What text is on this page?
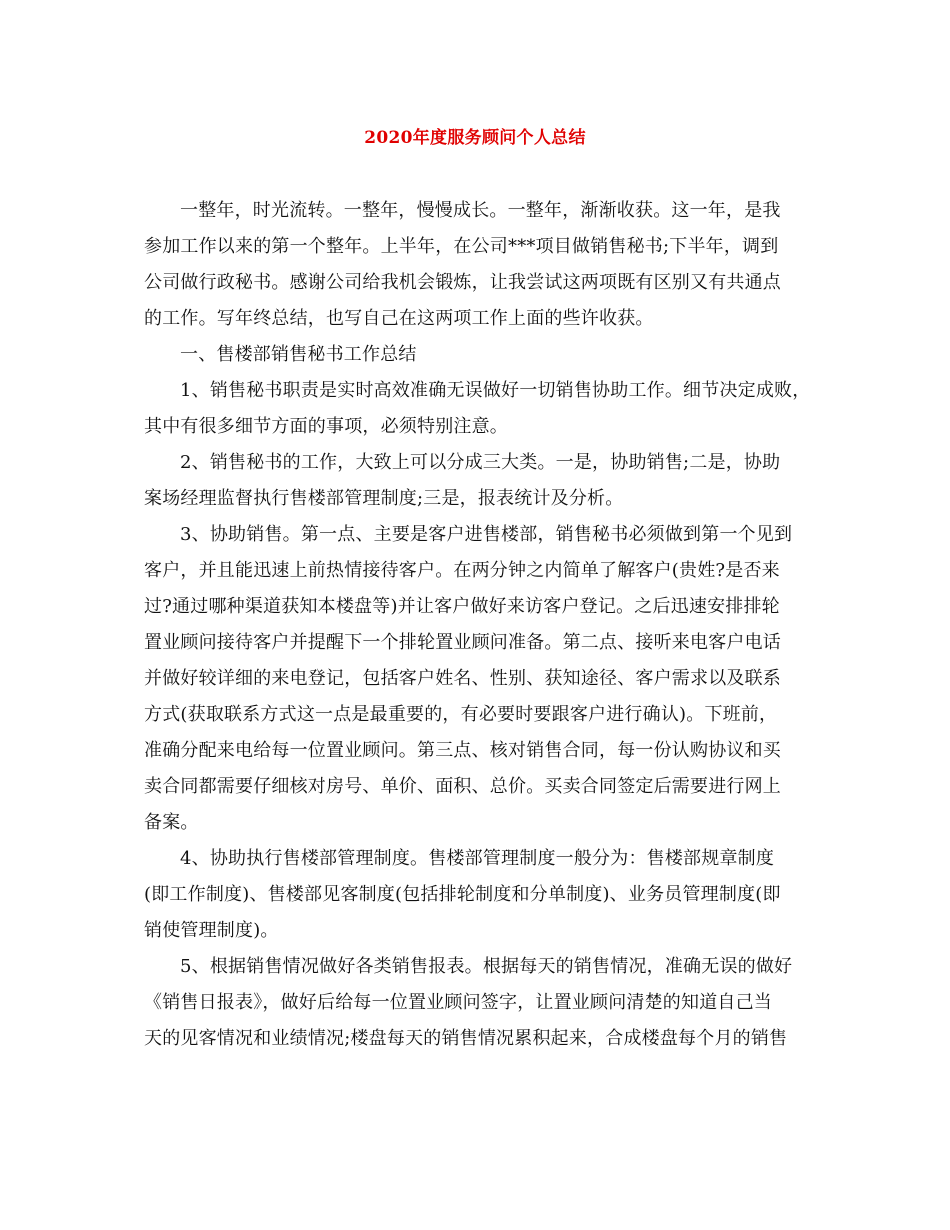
2020年度服务顾问个人总结
一整年，时光流转。一整年，慢慢成长。一整年，渐渐收获。这一年，是我
参加工作以来的第一个整年。上半年，在公司***项目做销售秘书;下半年，调到
公司做行政秘书。感谢公司给我机会锻炼，让我尝试这两项既有区别又有共通点
的工作。写年终总结，也写自己在这两项工作上面的些许收获。
一、售楼部销售秘书工作总结
1、销售秘书职责是实时高效准确无误做好一切销售协助工作。细节决定成败，
其中有很多细节方面的事项，必须特别注意。
2、销售秘书的工作，大致上可以分成三大类。一是，协助销售;二是，协助
案场经理监督执行售楼部管理制度;三是，报表统计及分析。
3、协助销售。第一点、主要是客户进售楼部，销售秘书必须做到第一个见到
客户，并且能迅速上前热情接待客户。在两分钟之内简单了解客户(贵姓?是否来
过?通过哪种渠道获知本楼盘等)并让客户做好来访客户登记。之后迅速安排排轮
置业顾问接待客户并提醒下一个排轮置业顾问准备。第二点、接听来电客户电话
并做好较详细的来电登记，包括客户姓名、性别、获知途径、客户需求以及联系
方式(获取联系方式这一点是最重要的，有必要时要跟客户进行确认)。下班前，
准确分配来电给每一位置业顾问。第三点、核对销售合同，每一份认购协议和买
卖合同都需要仔细核对房号、单价、面积、总价。买卖合同签定后需要进行网上
备案。
4、协助执行售楼部管理制度。售楼部管理制度一般分为：售楼部规章制度
(即工作制度)、售楼部见客制度(包括排轮制度和分单制度)、业务员管理制度(即
销使管理制度)。
5、根据销售情况做好各类销售报表。根据每天的销售情况，准确无误的做好
《销售日报表》，做好后给每一位置业顾问签字，让置业顾问清楚的知道自己当
天的见客情况和业绩情况;楼盘每天的销售情况累积起来，合成楼盘每个月的销售
